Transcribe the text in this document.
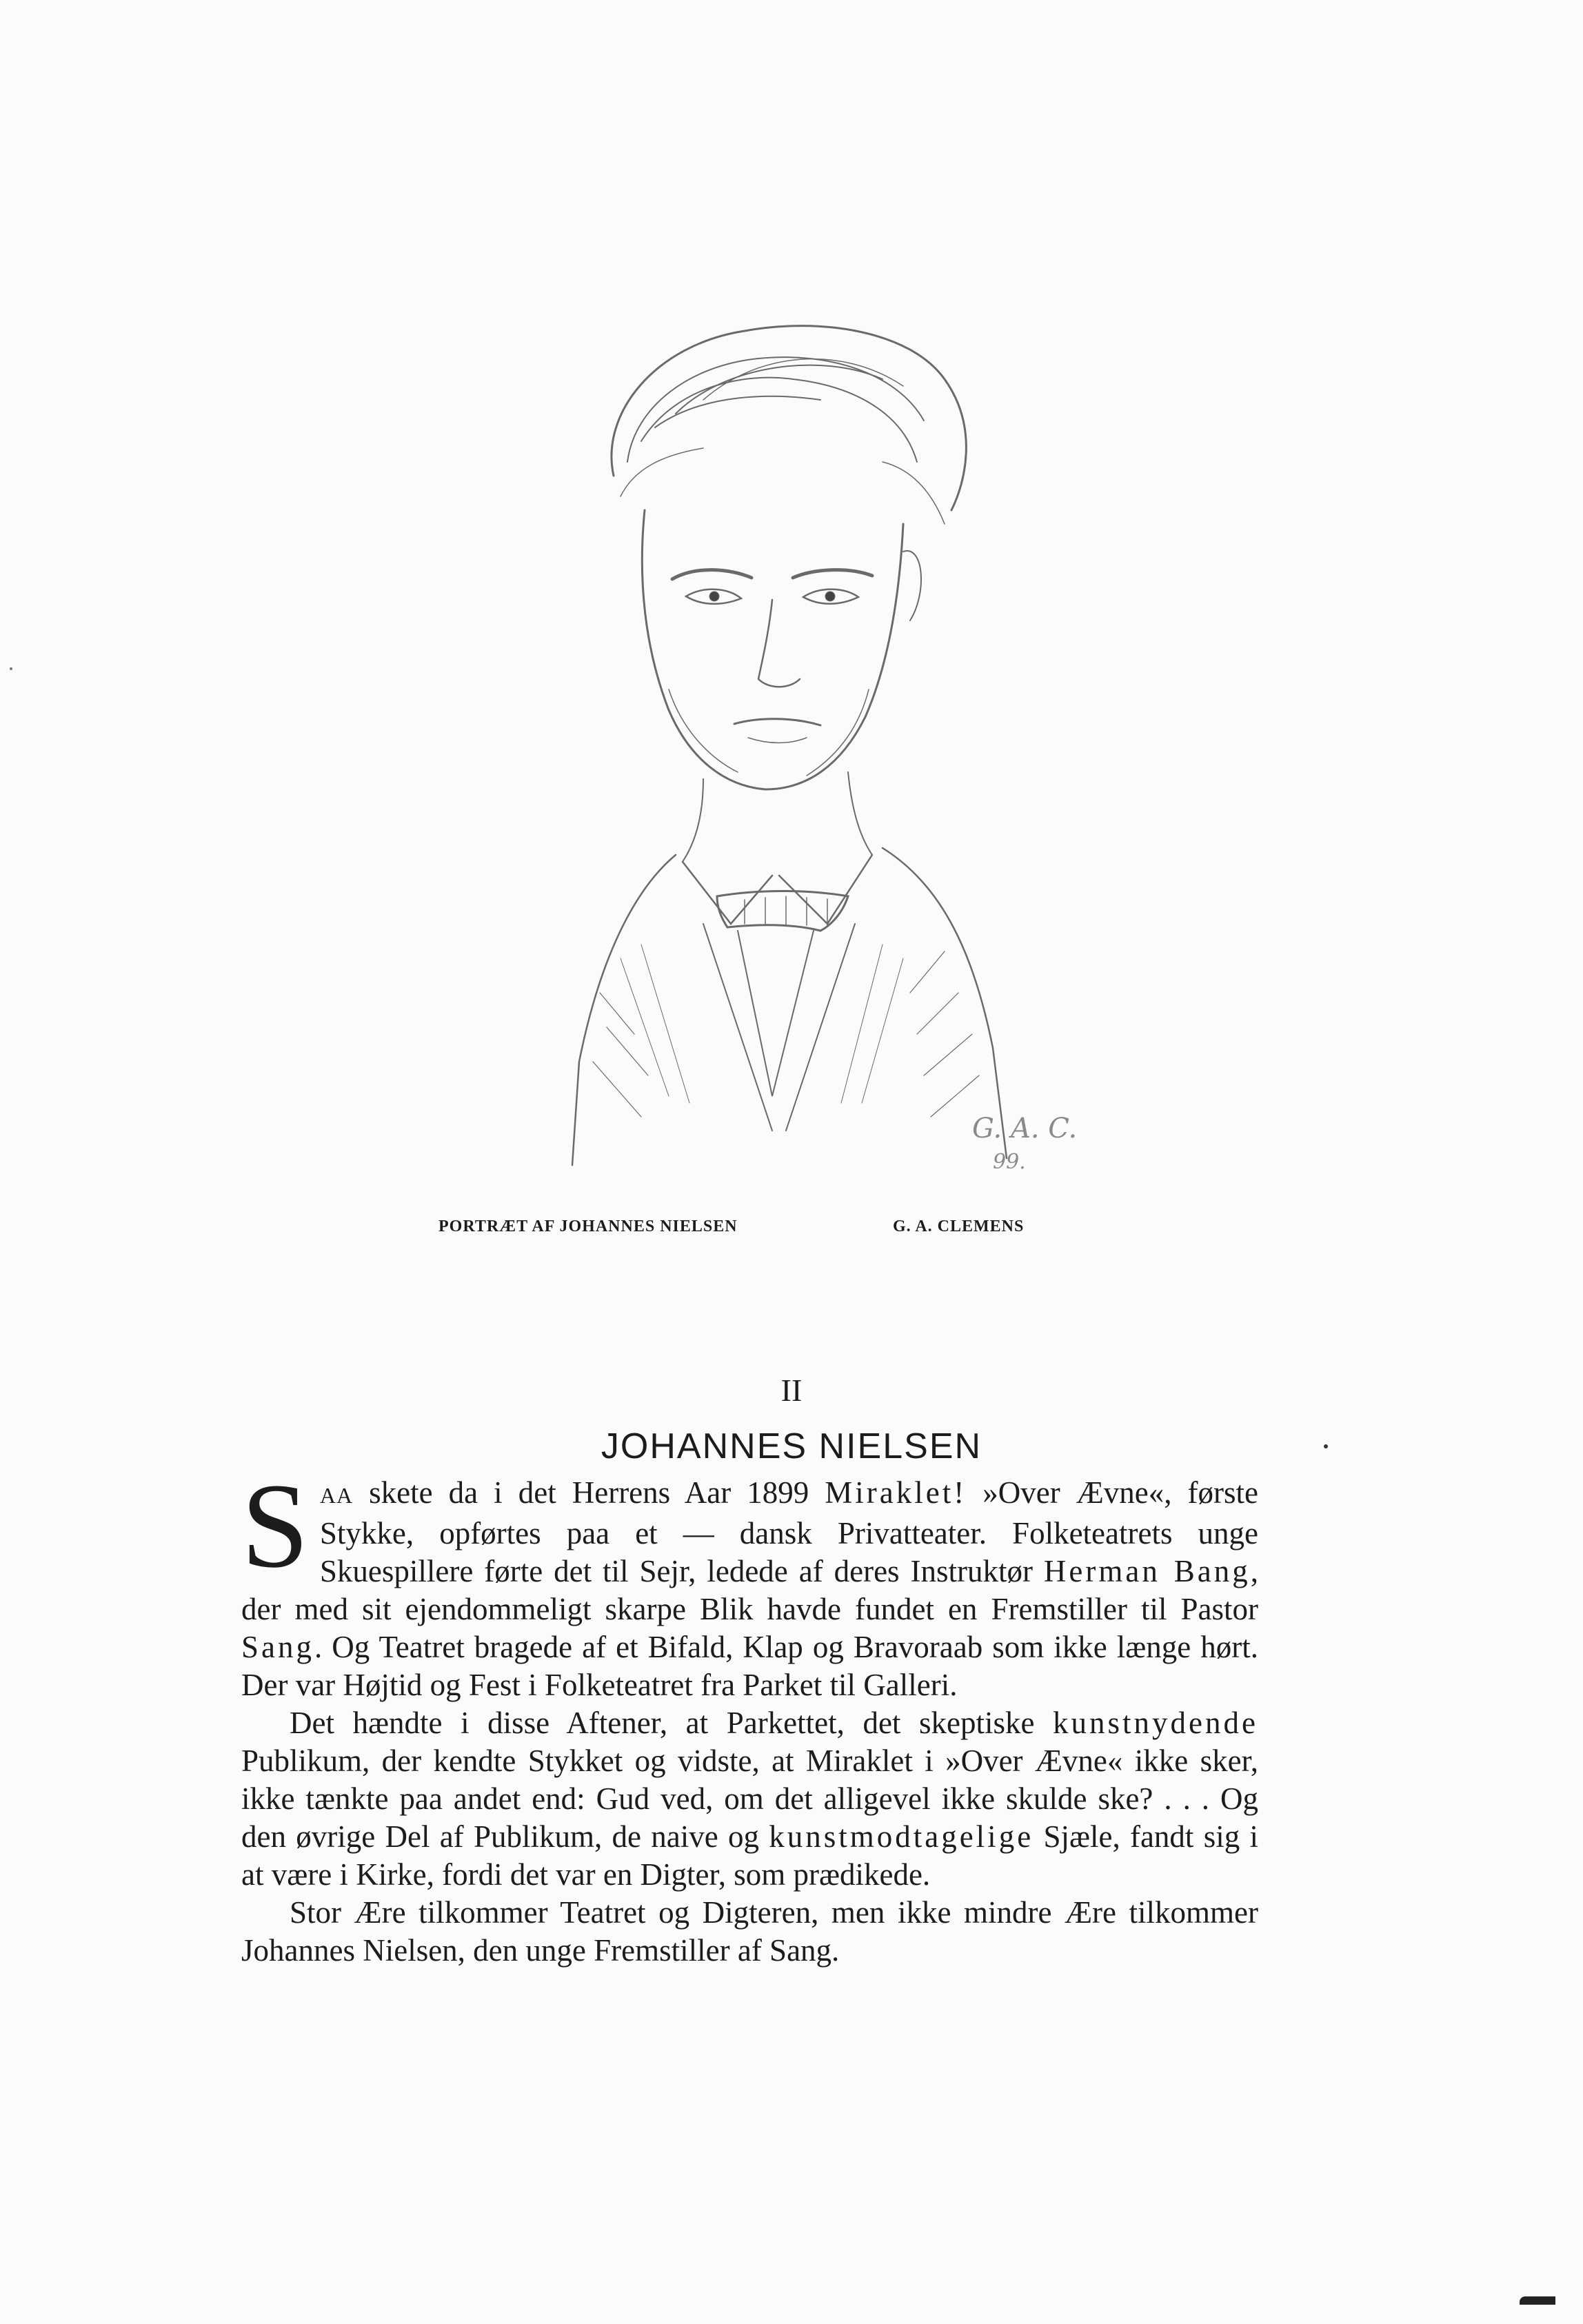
G. A. C.
99.
PORTRÆT AF JOHANNES NIELSEN	G. A. CLEMENS
II
JOHANNES NIELSEN

SAA skete da i det Herrens Aar 1899 Miraklet! »Over Ævne«, første Stykke, opførtes paa et — dansk Privatteater. Folketeatrets unge Skuespillere førte det til Sejr, ledede af deres Instruktør Herman Bang, der med sit ejendommeligt skarpe Blik havde fundet en Fremstiller til Pastor Sang. Og Teatret bragede af et Bifald, Klap og Bravoraab som ikke længe hørt. Der var Højtid og Fest i Folketeatret fra Parket til Galleri.

Det hændte i disse Aftener, at Parkettet, det skeptiske kunstnydende Publikum, der kendte Stykket og vidste, at Miraklet i »Over Ævne« ikke sker, ikke tænkte paa andet end: Gud ved, om det alligevel ikke skulde ske? . . . Og den øvrige Del af Publikum, de naive og kunstmodtagelige Sjæle, fandt sig i at være i Kirke, fordi det var en Digter, som prædikede.

Stor Ære tilkommer Teatret og Digteren, men ikke mindre Ære tilkommer Johannes Nielsen, den unge Fremstiller af Sang.
